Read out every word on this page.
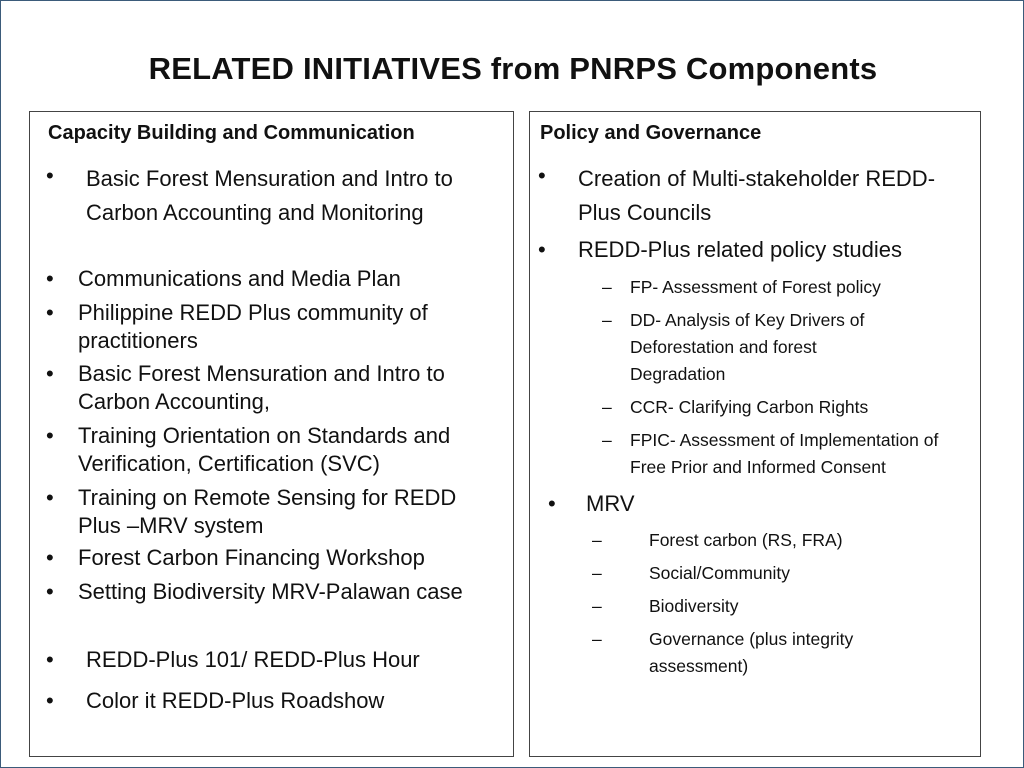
RELATED INITIATIVES from PNRPS Components
Capacity Building and Communication
•	Basic Forest Mensuration and Intro to Carbon Accounting and Monitoring
•	Communications and Media Plan
•	Philippine REDD Plus community of practitioners
•	Basic Forest Mensuration and Intro to Carbon Accounting,
•	Training Orientation on Standards and Verification, Certification (SVC)
•	Training on Remote Sensing for REDD Plus –MRV system
•	Forest Carbon Financing Workshop
•	Setting Biodiversity MRV-Palawan case
•	REDD-Plus 101/ REDD-Plus Hour
•	Color it REDD-Plus Roadshow
Policy and Governance
•	Creation of Multi-stakeholder REDD-Plus Councils
•	REDD-Plus related policy studies
– FP- Assessment of Forest policy
– DD- Analysis of Key Drivers of Deforestation and forest Degradation
– CCR- Clarifying Carbon Rights
– FPIC- Assessment of Implementation of Free Prior and Informed Consent
•	MRV
–	Forest carbon (RS, FRA)
–	Social/Community
–	Biodiversity
–	Governance (plus integrity assessment)
